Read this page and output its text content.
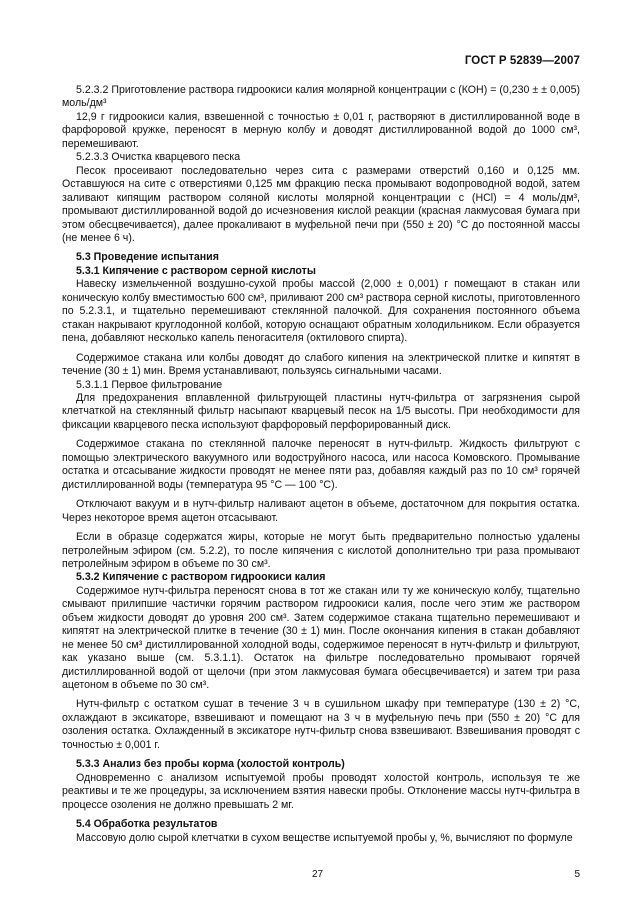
ГОСТ Р 52839—2007

5.2.3.2 Приготовление раствора гидроокиси калия молярной концентрации c (КОН) = (0,230 ± ± 0,005) моль/дм³

12,9 г гидроокиси калия, взвешенной с точностью ± 0,01 г, растворяют в дистиллированной воде в фарфоровой кружке, переносят в мерную колбу и доводят дистиллированной водой до 1000 см³, перемешивают.

5.2.3.3 Очистка кварцевого песка

Песок просеивают последовательно через сита с размерами отверстий 0,160 и 0,125 мм. Оставшуюся на сите с отверстиями 0,125 мм фракцию песка промывают водопроводной водой, затем заливают кипящим раствором соляной кислоты молярной концентрации c (HCl) = 4 моль/дм³, промывают дистиллированной водой до исчезновения кислой реакции (красная лакмусовая бумага при этом обесцвечивается), далее прокаливают в муфельной печи при (550 ± 20) °С до постоянной массы (не менее 6 ч).

5.3 Проведение испытания

5.3.1 Кипячение с раствором серной кислоты

Навеску измельченной воздушно-сухой пробы массой (2,000 ± 0,001) г помещают в стакан или коническую колбу вместимостью 600 см³, приливают 200 см³ раствора серной кислоты, приготовленного по 5.2.3.1, и тщательно перемешивают стеклянной палочкой. Для сохранения постоянного объема стакан накрывают круглодонной колбой, которую оснащают обратным холодильником. Если образуется пена, добавляют несколько капель пеногасителя (октилового спирта).

Содержимое стакана или колбы доводят до слабого кипения на электрической плитке и кипятят в течение (30 ± 1) мин. Время устанавливают, пользуясь сигнальными часами.

5.3.1.1 Первое фильтрование

Для предохранения вплавленной фильтрующей пластины нутч-фильтра от загрязнения сырой клетчаткой на стеклянный фильтр насыпают кварцевый песок на 1/5 высоты. При необходимости для фиксации кварцевого песка используют фарфоровый перфорированный диск.

Содержимое стакана по стеклянной палочке переносят в нутч-фильтр. Жидкость фильтруют с помощью электрического вакуумного или водоструйного насоса, или насоса Комовского. Промывание остатка и отсасывание жидкости проводят не менее пяти раз, добавляя каждый раз по 10 см³ горячей дистиллированной воды (температура 95 °С — 100 °С).

Отключают вакуум и в нутч-фильтр наливают ацетон в объеме, достаточном для покрытия остатка. Через некоторое время ацетон отсасывают.

Если в образце содержатся жиры, которые не могут быть предварительно полностью удалены петролейным эфиром (см. 5.2.2), то после кипячения с кислотой дополнительно три раза промывают петролейным эфиром в объеме по 30 см³.

5.3.2 Кипячение с раствором гидроокиси калия

Содержимое нутч-фильтра переносят снова в тот же стакан или ту же коническую колбу, тщательно смывают прилипшие частички горячим раствором гидроокиси калия, после чего этим же раствором объем жидкости доводят до уровня 200 см³. Затем содержимое стакана тщательно перемешивают и кипятят на электрической плитке в течение (30 ± 1) мин. После окончания кипения в стакан добавляют не менее 50 см³ дистиллированной холодной воды, содержимое переносят в нутч-фильтр и фильтруют, как указано выше (см. 5.3.1.1). Остаток на фильтре последовательно промывают горячей дистиллированной водой от щелочи (при этом лакмусовая бумага обесцвечивается) и затем три раза ацетоном в объеме по 30 см³.

Нутч-фильтр с остатком сушат в течение 3 ч в сушильном шкафу при температуре (130 ± 2) °С, охлаждают в эксикаторе, взвешивают и помещают на 3 ч в муфельную печь при (550 ± 20) °С для озоления остатка. Охлажденный в эксикаторе нутч-фильтр снова взвешивают. Взвешивания проводят с точностью ± 0,001 г.

5.3.3 Анализ без пробы корма (холостой контроль)

Одновременно с анализом испытуемой пробы проводят холостой контроль, используя те же реактивы и те же процедуры, за исключением взятия навески пробы. Отклонение массы нутч-фильтра в процессе озоления не должно превышать 2 мг.

5.4 Обработка результатов

Массовую долю сырой клетчатки в сухом веществе испытуемой пробы y, %, вычисляют по формуле

27	5
